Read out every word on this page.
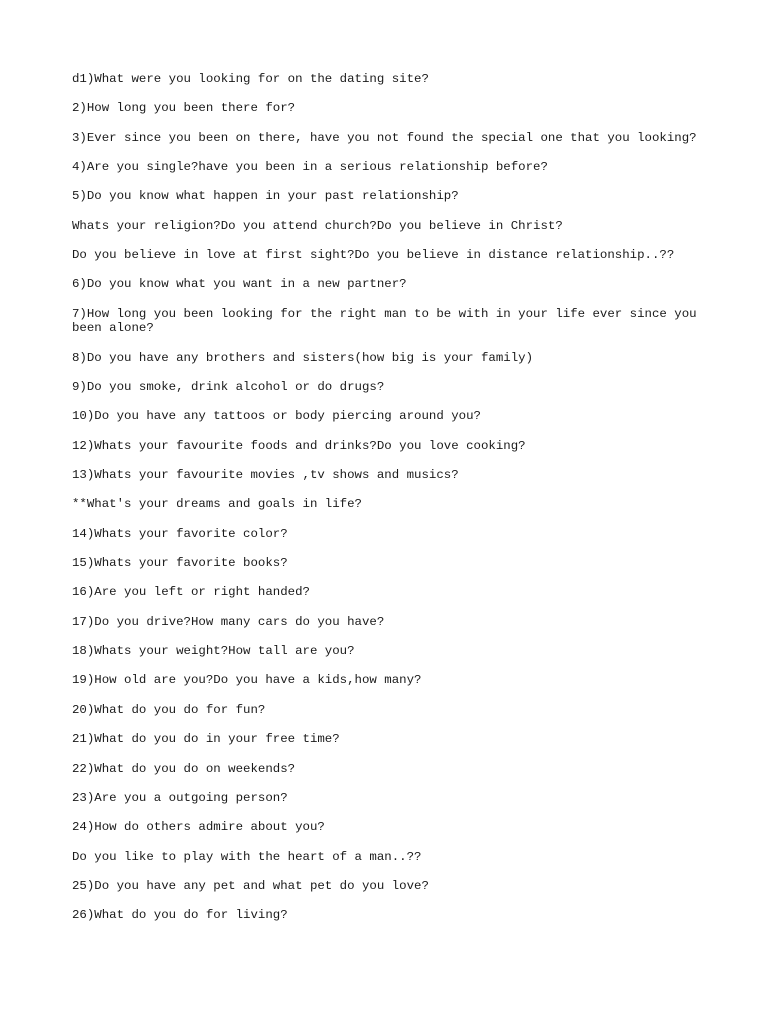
d1)What were you looking for on the dating site?
2)How long you been there for?
3)Ever since you been on there, have you not found the special one that you looking?
4)Are you single?have you been in a serious relationship before?
5)Do you know what happen in your past relationship?
Whats your religion?Do you attend church?Do you believe in Christ?
Do you believe in love at first sight?Do you believe in distance relationship..??
6)Do you know what you want in a new partner?
7)How long you been looking for the right man to be with in your life ever since you been alone?
8)Do you have any brothers and sisters(how big is your family)
9)Do you smoke, drink alcohol or do drugs?
10)Do you have any tattoos or body piercing around you?
12)Whats your favourite foods and drinks?Do you love cooking?
13)Whats your favourite movies ,tv shows and musics?
**What's your dreams and goals in life?
14)Whats your favorite color?
15)Whats your favorite books?
16)Are you left or right handed?
17)Do you drive?How many cars do you have?
18)Whats your weight?How tall are you?
19)How old are you?Do you have a kids,how many?
20)What do you do for fun?
21)What do you do in your free time?
22)What do you do on weekends?
23)Are you a outgoing person?
24)How do others admire about you?
Do you like to play with the heart of a man..??
25)Do you have any pet and what pet do you love?
26)What do you do for living?
